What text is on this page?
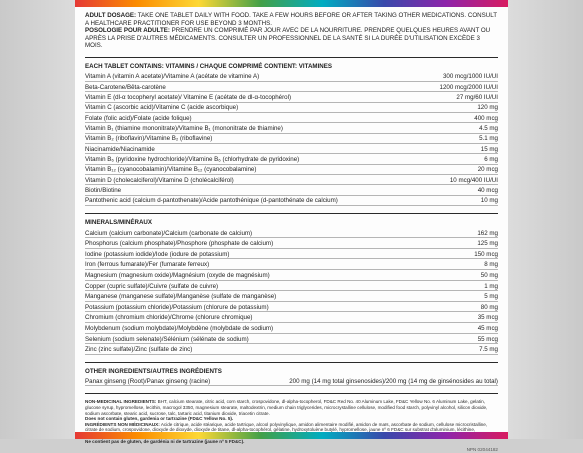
ADULT DOSAGE: TAKE ONE TABLET DAILY WITH FOOD. TAKE A FEW HOURS BEFORE OR AFTER TAKING OTHER MEDICATIONS. CONSULT A HEALTHCARE PRACTITIONER FOR USE BEYOND 3 MONTHS.

POSOLOGIE POUR ADULTE: PRENDRE UN COMPRIMÉ PAR JOUR AVEC DE LA NOURRITURE. PRENDRE QUELQUES HEURES AVANT OU APRÈS LA PRISE D'AUTRES MÉDICAMENTS. CONSULTER UN PROFESSIONNEL DE LA SANTÉ SI LA DURÉE D'UTILISATION EXCÈDE 3 MOIS.

EACH TABLET CONTAINS: VITAMINS / CHAQUE COMPRIMÉ CONTIENT: VITAMINES
Vitamin A (vitamin A acetate)/Vitamine A (acétate de vitamine A)	300 mcg/1000 IU/UI
Beta-Carotene/Bêta-carotène	1200 mcg/2000 IU/UI
Vitamin E (dl-α tocopheryl acetate)/ Vitamine E (acétate de dl-α-tocophérol)	27 mg/60 IU/UI
Vitamin C (ascorbic acid)/Vitamine C (acide ascorbique)	120 mg
Folate (folic acid)/Folate (acide folique)	400 mcg
Vitamin B₁ (thiamine mononitrate)/Vitamine B₁ (mononitrate de thiamine)	4.5 mg
Vitamin B₂ (riboflavin)/Vitamine B₂ (riboflavine)	5.1 mg
Niacinamide/Niacinamide	15 mg
Vitamin B₆ (pyridoxine hydrochloride)/Vitamine B₆ (chlorhydrate de pyridoxine)	6 mg
Vitamin B₁₂ (cyanocobalamin)/Vitamine B₁₂ (cyanocobalamine)	20 mcg
Vitamin D (cholecalciferol)/Vitamine D (cholécalciférol)	10 mcg/400 IU/UI
Biotin/Biotine	40 mcg
Pantothenic acid (calcium d-pantothenate)/Acide pantothénique (d-pantothénate de calcium)	10 mg
MINERALS/MINÉRAUX
Calcium (calcium carbonate)/Calcium (carbonate de calcium)	162 mg
Phosphorus (calcium phosphate)/Phosphore (phosphate de calcium)	125 mg
Iodine (potassium iodide)/Iode (iodure de potassium)	150 mcg
Iron (ferrous fumarate)/Fer (fumarate ferreux)	8 mg
Magnesium (magnesium oxide)/Magnésium (oxyde de magnésium)	50 mg
Copper (cupric sulfate)/Cuivre (sulfate de cuivre)	1 mg
Manganese (manganese sulfate)/Manganèse (sulfate de manganèse)	5 mg
Potassium (potassium chloride)/Potassium (chlorure de potassium)	80 mg
Chromium (chromium chloride)/Chrome (chlorure chromique)	35 mcg
Molybdenum (sodium molybdate)/Molybdène (molybdate de sodium)	45 mcg
Selenium (sodium selenate)/Sélénium (sélénate de sodium)	55 mcg
Zinc (zinc sulfate)/Zinc (sulfate de zinc)	7.5 mg
OTHER INGREDIENTS/AUTRES INGRÉDIENTS
Panax ginseng (Root)/Panax ginseng (racine)	200 mg (14 mg total ginsenosides)/200 mg (14 mg de ginsénosides au total)
NON-MEDICINAL INGREDIENTS: BHT, calcium stearate, citric acid, corn starch, crospovidone, dl-alpha-tocopherol, FD&C Red No. 40 Aluminum Lake, FD&C Yellow No. 6 Aluminum Lake, gelatin, glucose syrup, hypromellose, lecithin, macrogol 3350, magnesium stearate, maltodextrin, medium chain triglycerides, microcrystalline cellulose, modified food starch, polyvinyl alcohol, silicon dioxide, sodium ascorbate, stearic acid, sucrose, talc, tartaric acid, titanium dioxide, triacetin citrate.
Does not contain gluten, gardenia or tartrazine (FD&C Yellow No. 5).
INGRÉDIENTS NON MÉDICINAUX: Acide citrique, acide stéarique, acide tartrique, alcool polyvinylique, amidon alimentaire modifié, amidon de maïs, ascorbate de sodium, cellulose microcristalline, citrate de sodium, crospovidone, dioxyde de dioxyde, dioxyde de titane, dl-alpha-tocophérol, gélatine, hydroxytoluène butylé, hypromellose, jaune nº 6 FD&C sur substrat d'aluminium, lécithine,
Ne contient pas de gluten, de gardénia ni de tartrazine (jaune nº 5 FD&C).
NPN 02044182
